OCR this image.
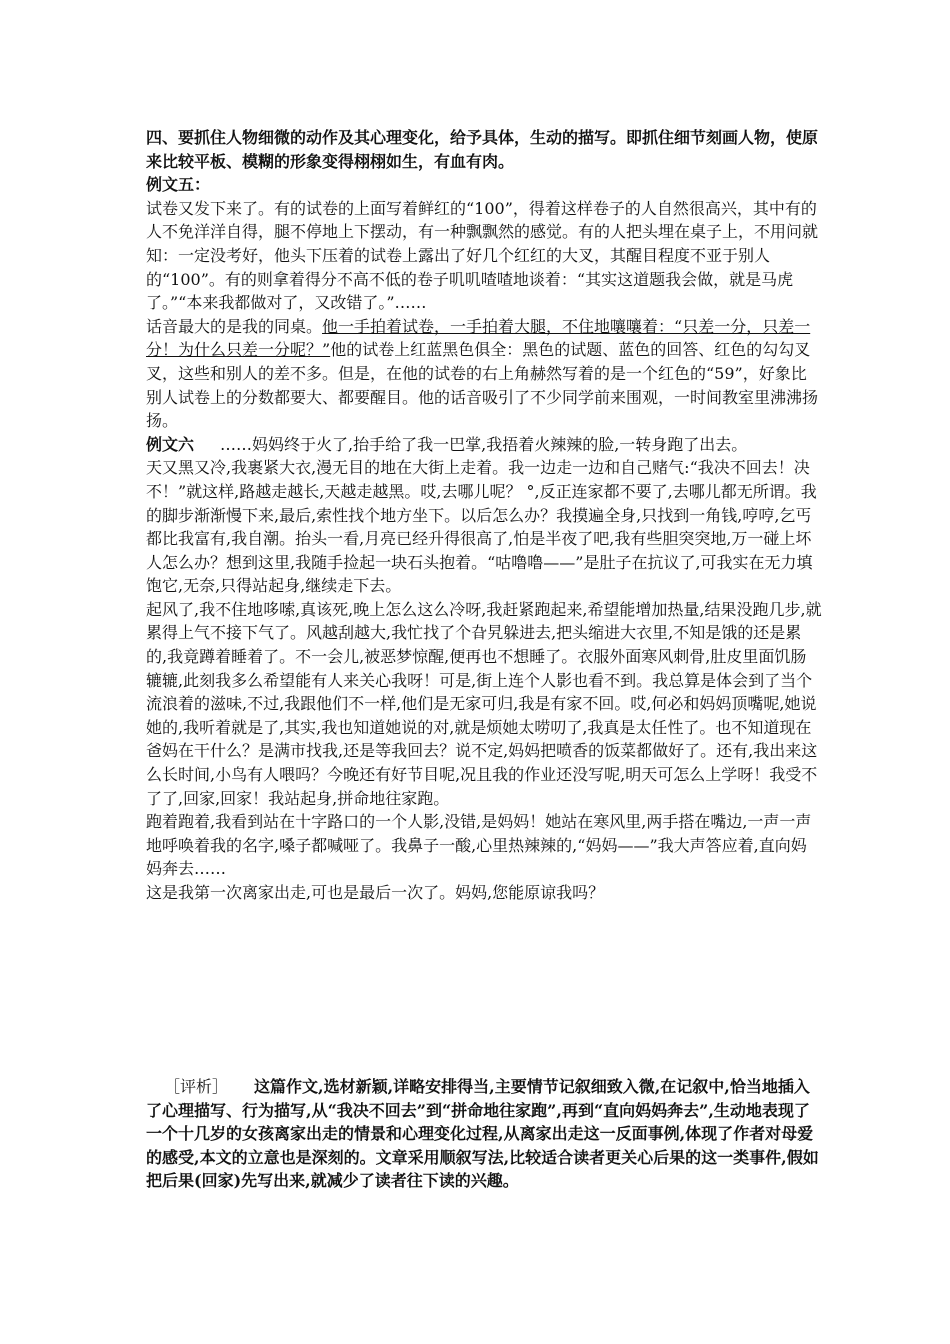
四、要抓住人物细微的动作及其心理变化，给予具体，生动的描写。即抓住细节刻画人物，使原来比较平板、模糊的形象变得栩栩如生，有血有肉。

例文五：

试卷又发下来了。有的试卷的上面写着鲜红的“100”，得着这样卷子的人自然很高兴，其中有的人不免洋洋自得，腿不停地上下摆动，有一种飘飘然的感觉。有的人把头埋在桌子上，不用问就知：一定没考好，他头下压着的试卷上露出了好几个红红的大叉，其醒目程度不亚于别人的“100”。有的则拿着得分不高不低的卷子叽叽喳喳地谈着：“其实这道题我会做，就是马虎了。”“本来我都做对了，又改错了。”……

话音最大的是我的同桌。他一手拍着试卷，一手拍着大腿，不住地嚷嚷着：“只差一分，只差一分！为什么只差一分呢？”他的试卷上红蓝黑色俱全：黑色的试题、蓝色的回答、红色的勾勾叉叉，这些和别人的差不多。但是，在他的试卷的右上角赫然写着的是一个红色的“59”，好象比别人试卷上的分数都要大、都要醒目。他的话音吸引了不少同学前来围观，一时间教室里沸沸扬扬。

例文六 ……妈妈终于火了,抬手给了我一巴掌,我捂着火辣辣的脸,一转身跑了出去。

天又黑又冷,我裹紧大衣,漫无目的地在大街上走着。我一边走一边和自己赌气:“我决不回去！决不！”就这样,路越走越长,天越走越黑。哎,去哪儿呢？ °,反正连家都不要了,去哪儿都无所谓。我的脚步渐渐慢下来,最后,索性找个地方坐下。以后怎么办？我摸遍全身,只找到一角钱,哼哼,乞丐都比我富有,我自潮。抬头一看,月亮已经升得很高了,怕是半夜了吧,我有些胆突突地,万一碰上坏人怎么办？想到这里,我随手捡起一块石头抱着。“咕噜噜——”是肚子在抗议了,可我实在无力填饱它,无奈,只得站起身,继续走下去。

起风了,我不住地哆嗦,真该死,晚上怎么这么冷呀,我赶紧跑起来,希望能增加热量,结果没跑几步,就累得上气不接下气了。风越刮越大,我忙找了个旮旯躲进去,把头缩进大衣里,不知是饿的还是累的,我竟蹲着睡着了。不一会儿,被恶梦惊醒,便再也不想睡了。衣服外面寒风刺骨,肚皮里面饥肠辘辘,此刻我多么希望能有人来关心我呀！可是,街上连个人影也看不到。我总算是体会到了当个流浪着的滋味,不过,我跟他们不一样,他们是无家可归,我是有家不回。哎,何必和妈妈顶嘴呢,她说她的,我听着就是了,其实,我也知道她说的对,就是烦她太唠叨了,我真是太任性了。也不知道现在爸妈在干什么？是满市找我,还是等我回去？说不定,妈妈把喷香的饭菜都做好了。还有,我出来这么长时间,小鸟有人喂吗？今晚还有好节目呢,况且我的作业还没写呢,明天可怎么上学呀！我受不了了,回家,回家！我站起身,拼命地往家跑。

跑着跑着,我看到站在十字路口的一个人影,没错,是妈妈！她站在寒风里,两手搭在嘴边,一声一声地呼唤着我的名字,嗓子都喊哑了。我鼻子一酸,心里热辣辣的,“妈妈——”我大声答应着,直向妈妈奔去……

这是我第一次离家出走,可也是最后一次了。妈妈,您能原谅我吗？

［评析］ 这篇作文,选材新颖,详略安排得当,主要情节记叙细致入微,在记叙中,恰当地插入了心理描写、行为描写,从“我决不回去”到“拼命地往家跑”,再到“直向妈妈奔去”,生动地表现了一个十几岁的女孩离家出走的情景和心理变化过程,从离家出走这一反面事例,体现了作者对母爱的感受,本文的立意也是深刻的。文章采用顺叙写法,比较适合读者更关心后果的这一类事件,假如把后果(回家)先写出来,就减少了读者往下读的兴趣。
